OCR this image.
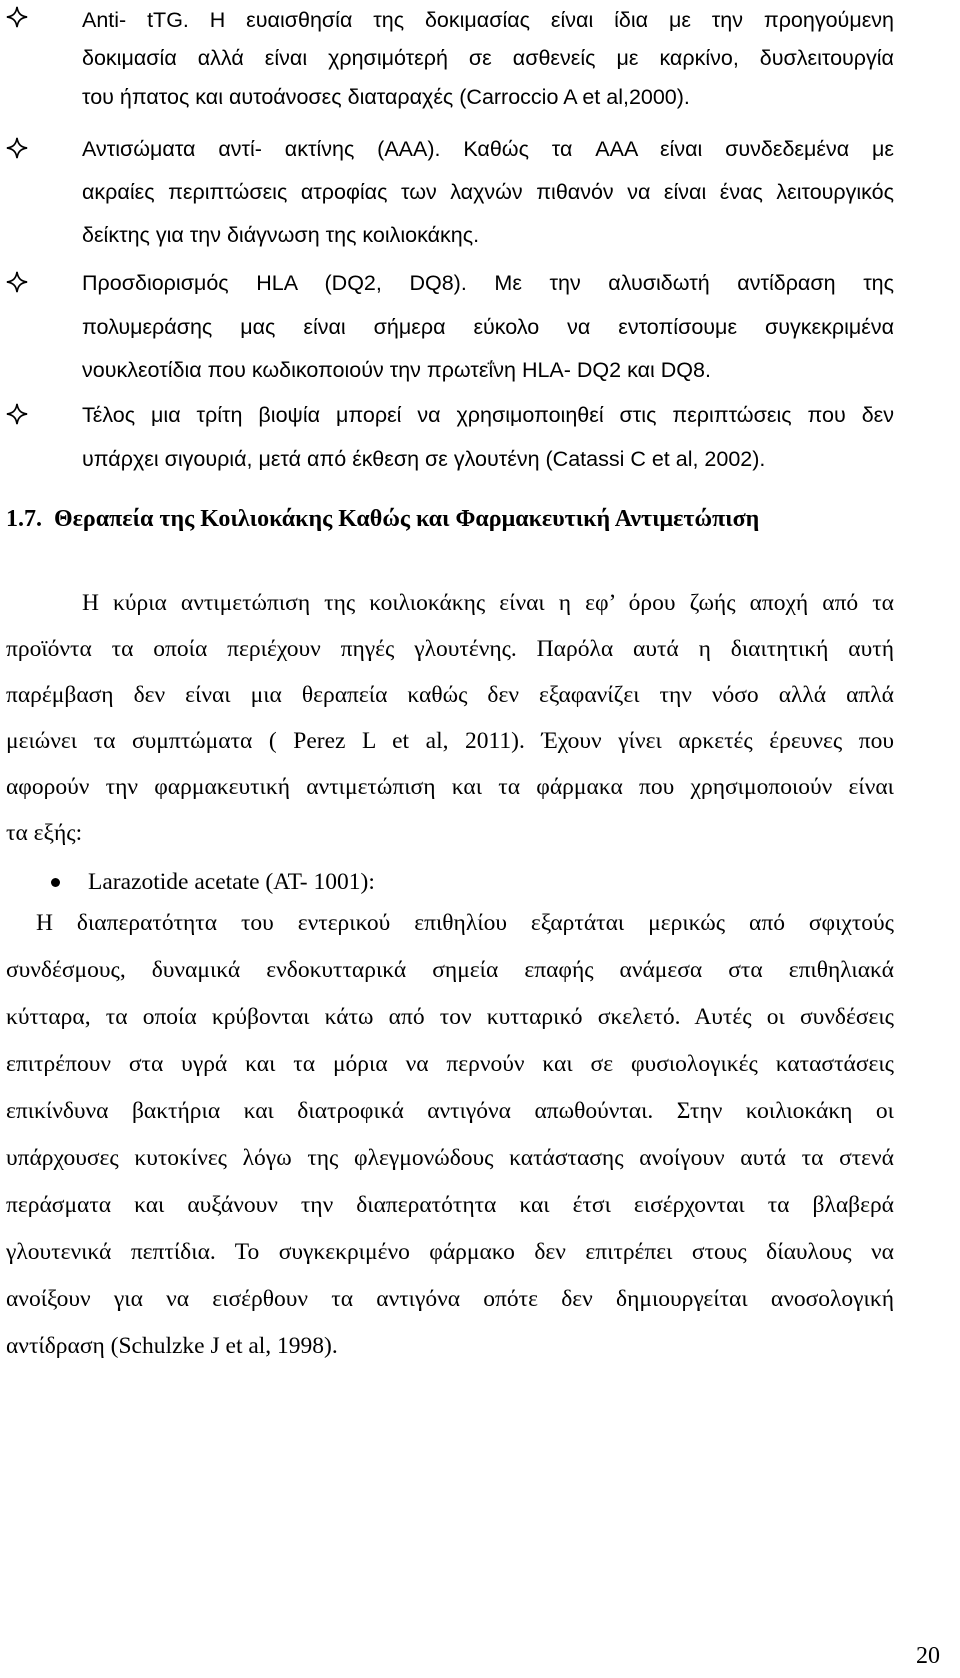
Anti- tTG. Η ευαισθησία της δοκιμασίας είναι ίδια με την προηγούμενη
δοκιμασία αλλά είναι χρησιμότερή σε ασθενείς με καρκίνο, δυσλειτουργία
του ήπατος και αυτοάνοσες διαταραχές (Carroccio A et al,2000).
Αντισώματα αντί- ακτίνης (AAA). Καθώς τα AAA είναι συνδεδεμένα με
ακραίες περιπτώσεις ατροφίας των λαχνών πιθανόν να είναι ένας λειτουργικός
δείκτης για την διάγνωση της κοιλιοκάκης.
Προσδιορισμός HLA (DQ2, DQ8). Με την αλυσιδωτή αντίδραση της
πολυμεράσης μας είναι σήμερα εύκολο να εντοπίσουμε συγκεκριμένα
νουκλεοτίδια που κωδικοποιούν την πρωτεΐνη HLA- DQ2 και DQ8.
Τέλος μια τρίτη βιοψία μπορεί να χρησιμοποιηθεί στις περιπτώσεις που δεν
υπάρχει σιγουριά, μετά από έκθεση σε γλουτένη (Catassi C et al, 2002).
1.7. Θεραπεία της Κοιλιοκάκης Καθώς και Φαρμακευτική Αντιμετώπιση
Η κύρια αντιμετώπιση της κοιλιοκάκης είναι η εφ’ όρου ζωής αποχή από τα
προϊόντα τα οποία περιέχουν πηγές γλουτένης. Παρόλα αυτά η διαιτητική αυτή
παρέμβαση δεν είναι μια θεραπεία καθώς δεν εξαφανίζει την νόσο αλλά απλά
μειώνει τα συμπτώματα ( Perez L et al, 2011). Έχουν γίνει αρκετές έρευνες που
αφορούν την φαρμακευτική αντιμετώπιση και τα φάρμακα που χρησιμοποιούν είναι
τα εξής:
Larazotide acetate (AT- 1001):
Η διαπερατότητα του εντερικού επιθηλίου εξαρτάται μερικώς από σφιχτούς
συνδέσμους, δυναμικά ενδοκυτταρικά σημεία επαφής ανάμεσα στα επιθηλιακά
κύτταρα, τα οποία κρύβονται κάτω από τον κυτταρικό σκελετό. Αυτές οι συνδέσεις
επιτρέπουν στα υγρά και τα μόρια να περνούν και σε φυσιολογικές καταστάσεις
επικίνδυνα βακτήρια και διατροφικά αντιγόνα απωθούνται. Στην κοιλιοκάκη οι
υπάρχουσες κυτοκίνες λόγω της φλεγμονώδους κατάστασης ανοίγουν αυτά τα στενά
περάσματα και αυξάνουν την διαπερατότητα και έτσι εισέρχονται τα βλαβερά
γλουτενικά πεπτίδια. Το συγκεκριμένο φάρμακο δεν επιτρέπει στους δίαυλους να
ανοίξουν για να εισέρθουν τα αντιγόνα οπότε δεν δημιουργείται ανοσολογική
αντίδραση (Schulzke J et al, 1998).
20
